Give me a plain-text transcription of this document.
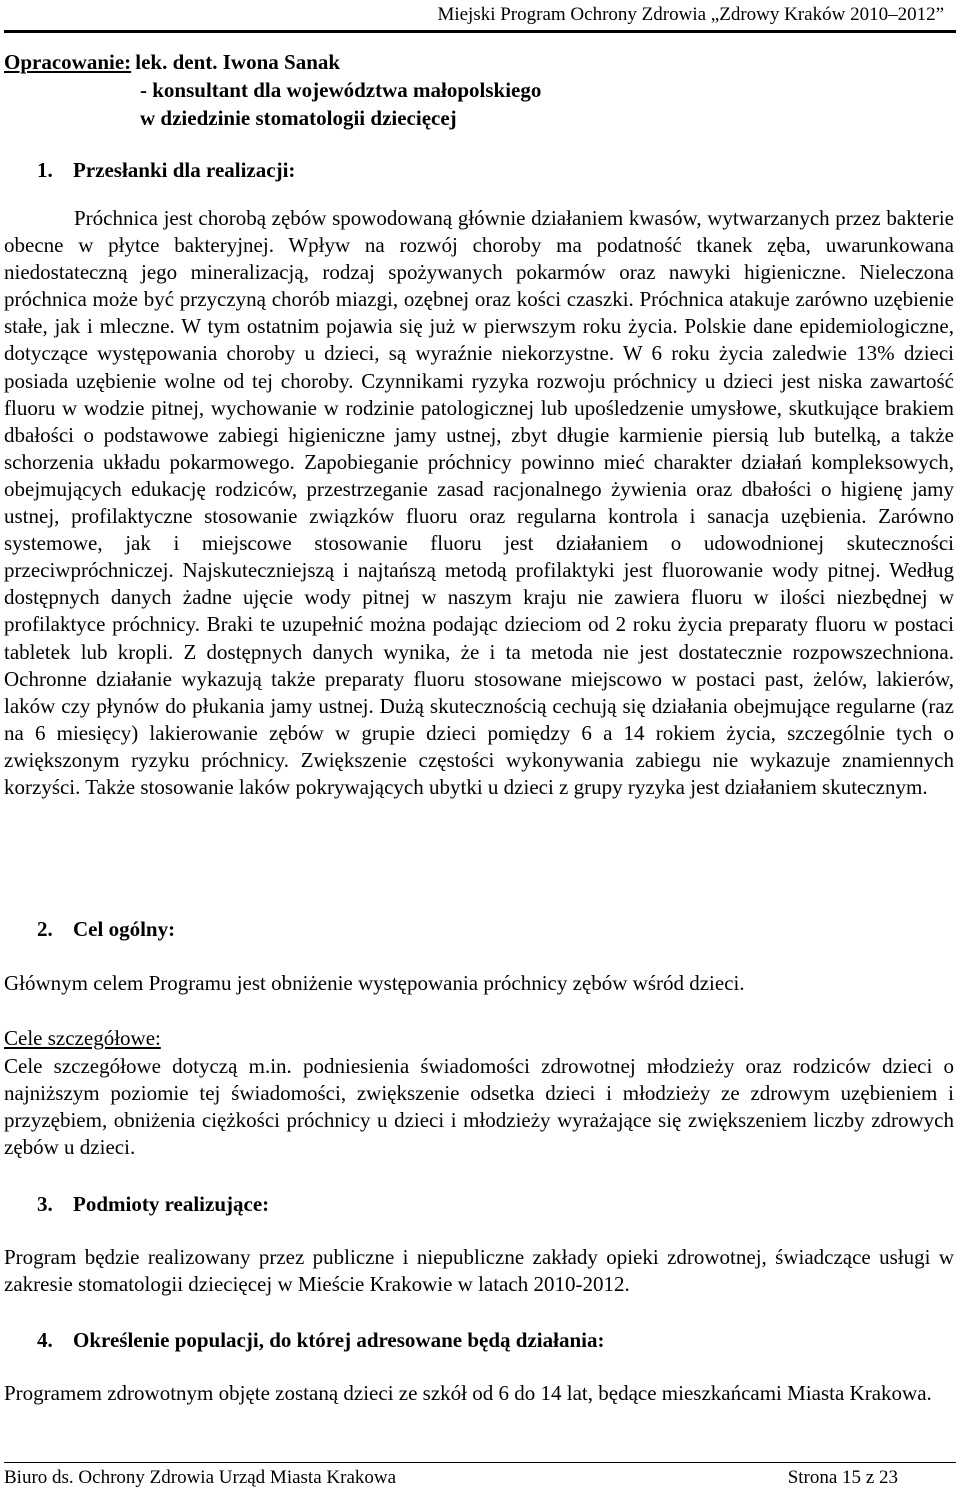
Miejski Program Ochrony Zdrowia „Zdrowy Kraków 2010–2012”
Opracowanie: lek. dent. Iwona Sanak
- konsultant dla województwa małopolskiego
w dziedzinie stomatologii dziecięcej
1. Przesłanki dla realizacji:

Próchnica jest chorobą zębów spowodowaną głównie działaniem kwasów, wytwarzanych przez bakterie obecne w płytce bakteryjnej. Wpływ na rozwój choroby ma podatność tkanek zęba, uwarunkowana niedostateczną jego mineralizacją, rodzaj spożywanych pokarmów oraz nawyki higieniczne. Nieleczona próchnica może być przyczyną chorób miazgi, ozębnej oraz kości czaszki. Próchnica atakuje zarówno uzębienie stałe, jak i mleczne. W tym ostatnim pojawia się już w pierwszym roku życia. Polskie dane epidemiologiczne, dotyczące występowania choroby u dzieci, są wyraźnie niekorzystne. W 6 roku życia zaledwie 13% dzieci posiada uzębienie wolne od tej choroby. Czynnikami ryzyka rozwoju próchnicy u dzieci jest niska zawartość fluoru w wodzie pitnej, wychowanie w rodzinie patologicznej lub upośledzenie umysłowe, skutkujące brakiem dbałości o podstawowe zabiegi higieniczne jamy ustnej, zbyt długie karmienie piersią lub butelką, a także schorzenia układu pokarmowego. Zapobieganie próchnicy powinno mieć charakter działań kompleksowych, obejmujących edukację rodziców, przestrzeganie zasad racjonalnego żywienia oraz dbałości o higienę jamy ustnej, profilaktyczne stosowanie związków fluoru oraz regularna kontrola i sanacja uzębienia. Zarówno systemowe, jak i miejscowe stosowanie fluoru jest działaniem o udowodnionej skuteczności przeciwpróchniczej. Najskuteczniejszą i najtańszą metodą profilaktyki jest fluorowanie wody pitnej. Według dostępnych danych żadne ujęcie wody pitnej w naszym kraju nie zawiera fluoru w ilości niezbędnej w profilaktyce próchnicy. Braki te uzupełnić można podając dzieciom od 2 roku życia preparaty fluoru w postaci tabletek lub kropli. Z dostępnych danych wynika, że i ta metoda nie jest dostatecznie rozpowszechniona. Ochronne działanie wykazują także preparaty fluoru stosowane miejscowo w postaci past, żelów, lakierów, laków czy płynów do płukania jamy ustnej. Dużą skutecznością cechują się działania obejmujące regularne (raz na 6 miesięcy) lakierowanie zębów w grupie dzieci pomiędzy 6 a 14 rokiem życia, szczególnie tych o zwiększonym ryzyku próchnicy. Zwiększenie częstości wykonywania zabiegu nie wykazuje znamiennych korzyści. Także stosowanie laków pokrywających ubytki u dzieci z grupy ryzyka jest działaniem skutecznym.

2. Cel ogólny:

Głównym celem Programu jest obniżenie występowania próchnicy zębów wśród dzieci.

Cele szczegółowe:

Cele szczegółowe dotyczą m.in. podniesienia świadomości zdrowotnej młodzieży oraz rodziców dzieci o najniższym poziomie tej świadomości, zwiększenie odsetka dzieci i młodzieży ze zdrowym uzębieniem i przyzębiem, obniżenia ciężkości próchnicy u dzieci i młodzieży wyrażające się zwiększeniem liczby zdrowych zębów u dzieci.

3. Podmioty realizujące:

Program będzie realizowany przez publiczne i niepubliczne zakłady opieki zdrowotnej, świadczące usługi w zakresie stomatologii dziecięcej w Mieście Krakowie w latach 2010-2012.

4. Określenie populacji, do której adresowane będą działania:

Programem zdrowotnym objęte zostaną dzieci ze szkół od 6 do 14 lat, będące mieszkańcami Miasta Krakowa.

Biuro ds. Ochrony Zdrowia Urząd Miasta Krakowa	Strona 15 z 23
